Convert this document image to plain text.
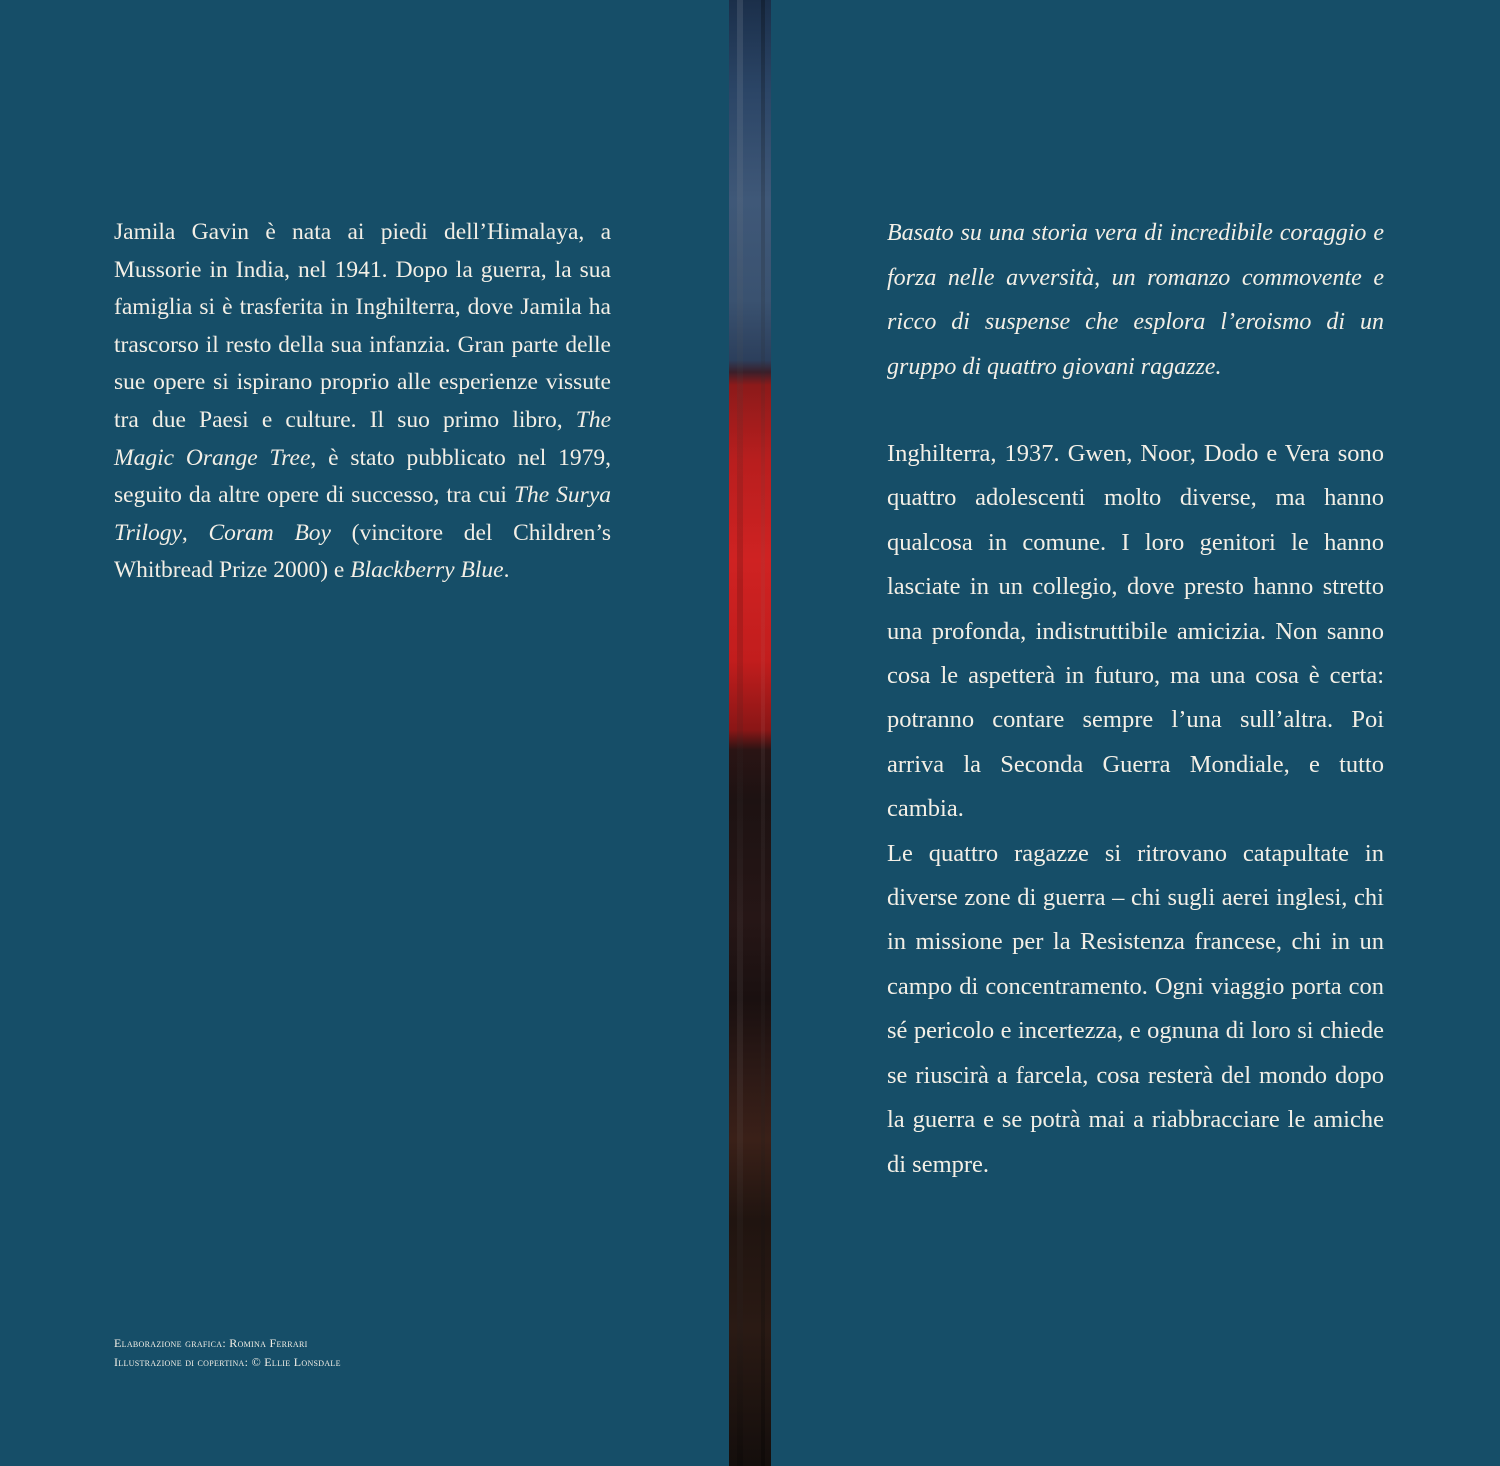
Jamila Gavin è nata ai piedi dell’Himalaya, a Mussorie in India, nel 1941. Dopo la guerra, la sua famiglia si è trasferita in Inghilterra, dove Jamila ha trascorso il resto della sua infanzia. Gran parte delle sue opere si ispirano proprio alle esperienze vissute tra due Paesi e culture. Il suo primo libro, The Magic Orange Tree, è stato pubblicato nel 1979, seguito da altre opere di successo, tra cui The Surya Trilogy, Coram Boy (vincitore del Children’s Whitbread Prize 2000) e Blackberry Blue.

Elaborazione grafica: Romina Ferrari
Illustrazione di copertina: © Ellie Lonsdale

Basato su una storia vera di incredibile coraggio e forza nelle avversità, un romanzo commovente e ricco di suspense che esplora l’eroismo di un gruppo di quattro giovani ragazze.

Inghilterra, 1937. Gwen, Noor, Dodo e Vera sono quattro adolescenti molto diverse, ma hanno qualcosa in comune. I loro genitori le hanno lasciate in un collegio, dove presto hanno stretto una profonda, indistruttibile amicizia. Non sanno cosa le aspetterà in futuro, ma una cosa è certa: potranno contare sempre l’una sull’altra. Poi arriva la Seconda Guerra Mondiale, e tutto cambia.

Le quattro ragazze si ritrovano catapultate in diverse zone di guerra – chi sugli aerei inglesi, chi in missione per la Resistenza francese, chi in un campo di concentramento. Ogni viaggio porta con sé pericolo e incertezza, e ognuna di loro si chiede se riuscirà a farcela, cosa resterà del mondo dopo la guerra e se potrà mai a riabbracciare le amiche di sempre.
